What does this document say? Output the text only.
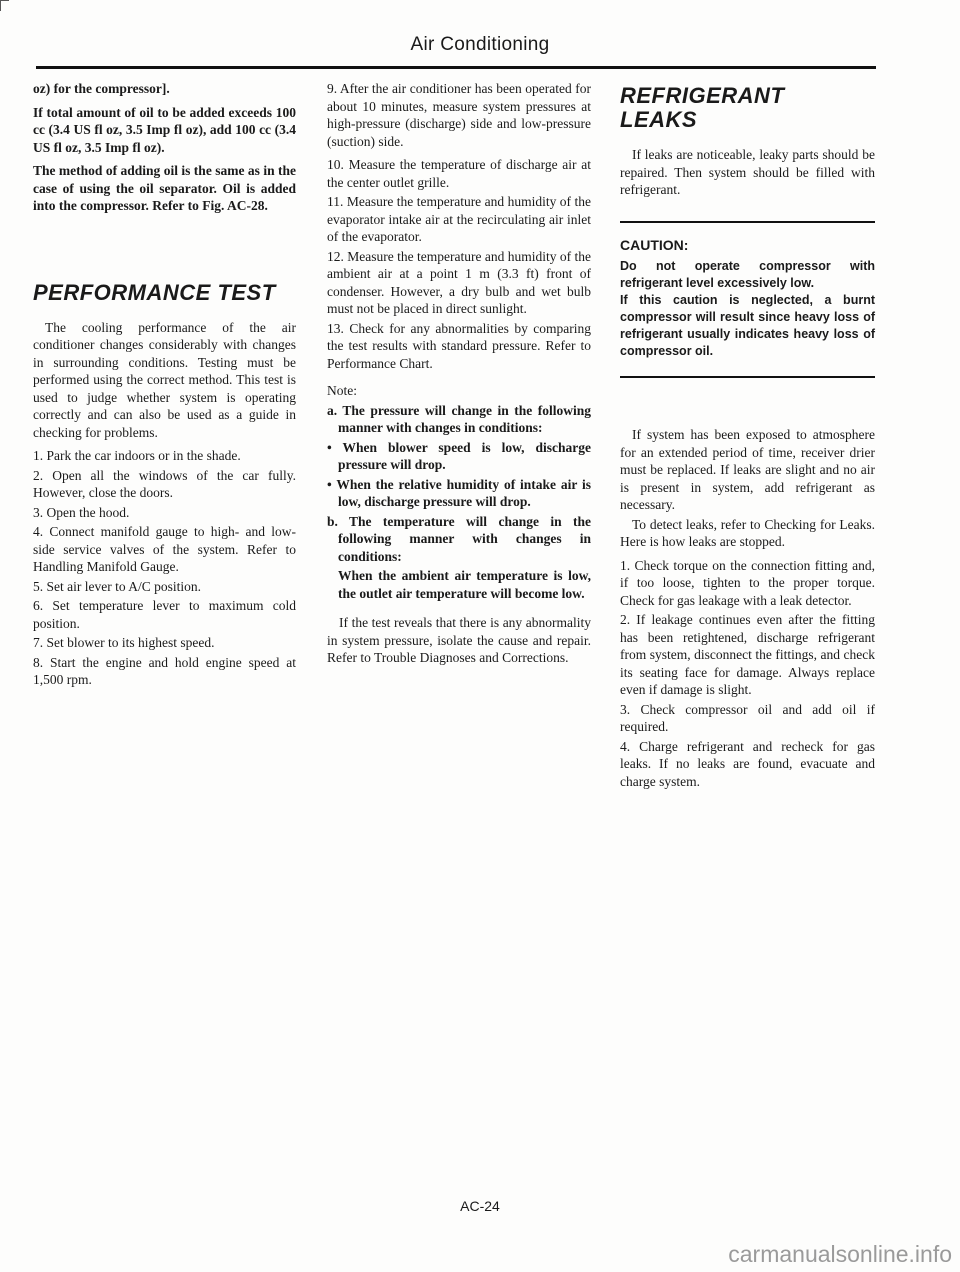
Air Conditioning

oz) for the compressor].

If total amount of oil to be added exceeds 100 cc (3.4 US fl oz, 3.5 Imp fl oz), add 100 cc (3.4 US fl oz, 3.5 Imp fl oz).

The method of adding oil is the same as in the case of using the oil separator. Oil is added into the compressor. Refer to Fig. AC-28.

PERFORMANCE TEST

The cooling performance of the air conditioner changes considerably with changes in surrounding conditions. Testing must be performed using the correct method. This test is used to judge whether system is operating correctly and can also be used as a guide in checking for problems.

1. Park the car indoors or in the shade.

2. Open all the windows of the car fully. However, close the doors.

3. Open the hood.

4. Connect manifold gauge to high- and low-side service valves of the system. Refer to Handling Manifold Gauge.

5. Set air lever to A/C position.

6. Set temperature lever to maximum cold position.

7. Set blower to its highest speed.

8. Start the engine and hold engine speed at 1,500 rpm.

9. After the air conditioner has been operated for about 10 minutes, measure system pressures at high-pressure (discharge) side and low-pressure (suction) side.

10. Measure the temperature of discharge air at the center outlet grille.

11. Measure the temperature and humidity of the evaporator intake air at the recirculating air inlet of the evaporator.

12. Measure the temperature and humidity of the ambient air at a point 1 m (3.3 ft) front of condenser. However, a dry bulb and wet bulb must not be placed in direct sunlight.

13. Check for any abnormalities by comparing the test results with standard pressure. Refer to Performance Chart.

Note:

a. The pressure will change in the following manner with changes in conditions:

• When blower speed is low, discharge pressure will drop.

• When the relative humidity of intake air is low, discharge pressure will drop.

b. The temperature will change in the following manner with changes in conditions:

When the ambient air temperature is low, the outlet air temperature will become low.

If the test reveals that there is any abnormality in system pressure, isolate the cause and repair. Refer to Trouble Diagnoses and Corrections.

REFRIGERANT
LEAKS

If leaks are noticeable, leaky parts should be repaired. Then system should be filled with refrigerant.

CAUTION:
Do not operate compressor with refrigerant level excessively low.
If this caution is neglected, a burnt compressor will result since heavy loss of refrigerant usually indicates heavy loss of compressor oil.

If system has been exposed to atmosphere for an extended period of time, receiver drier must be replaced. If leaks are slight and no air is present in system, add refrigerant as necessary.

To detect leaks, refer to Checking for Leaks. Here is how leaks are stopped.

1. Check torque on the connection fitting and, if too loose, tighten to the proper torque. Check for gas leakage with a leak detector.

2. If leakage continues even after the fitting has been retightened, discharge refrigerant from system, disconnect the fittings, and check its seating face for damage. Always replace even if damage is slight.

3. Check compressor oil and add oil if required.

4. Charge refrigerant and recheck for gas leaks. If no leaks are found, evacuate and charge system.

AC-24
carmanualsonline.info
